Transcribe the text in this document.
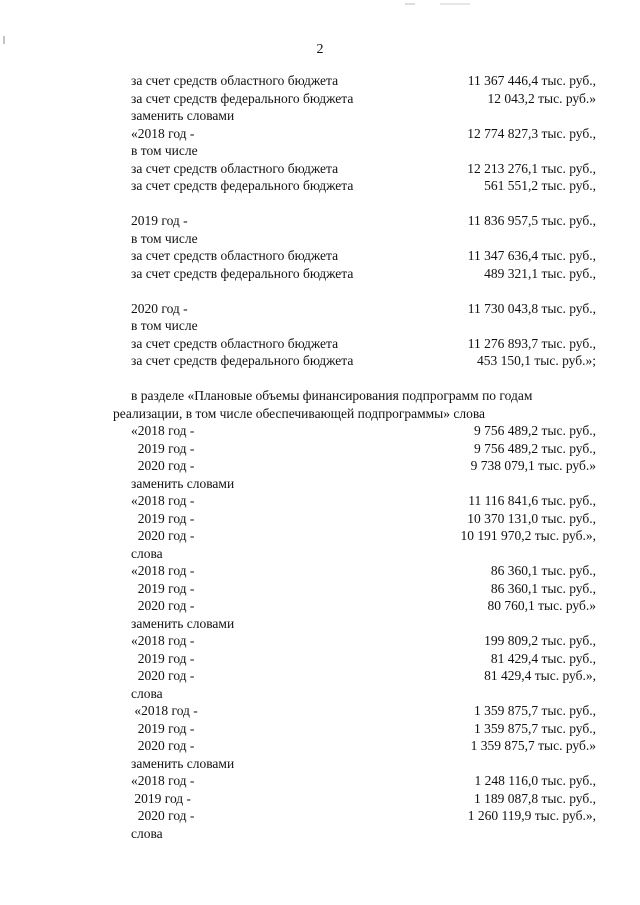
2
за счет средств областного бюджета	11 367 446,4 тыс. руб.,
за счет средств федерального бюджета	12 043,2 тыс. руб.»
заменить словами
«2018 год -	12 774 827,3 тыс. руб.,
в том числе
за счет средств областного бюджета	12 213 276,1 тыс. руб.,
за счет средств федерального бюджета	561 551,2 тыс. руб.,
2019 год -	11 836 957,5 тыс. руб.,
в том числе
за счет средств областного бюджета	11 347 636,4 тыс. руб.,
за счет средств федерального бюджета	489 321,1 тыс. руб.,
2020 год -	11 730 043,8 тыс. руб.,
в том числе
за счет средств областного бюджета	11 276 893,7 тыс. руб.,
за счет средств федерального бюджета	453 150,1 тыс. руб.»;
в разделе «Плановые объемы финансирования подпрограмм по годам
реализации, в том числе обеспечивающей подпрограммы» слова
«2018 год -	9 756 489,2 тыс. руб.,
2019 год -	9 756 489,2 тыс. руб.,
2020 год -	9 738 079,1 тыс. руб.»
заменить словами
«2018 год -	11 116 841,6 тыс. руб.,
2019 год -	10 370 131,0 тыс. руб.,
2020 год -	10 191 970,2 тыс. руб.»,
слова
«2018 год -	86 360,1 тыс. руб.,
2019 год -	86 360,1 тыс. руб.,
2020 год -	80 760,1 тыс. руб.»
заменить словами
«2018 год -	199 809,2 тыс. руб.,
2019 год -	81 429,4 тыс. руб.,
2020 год -	81 429,4 тыс. руб.»,
слова
«2018 год -	1 359 875,7 тыс. руб.,
2019 год -	1 359 875,7 тыс. руб.,
2020 год -	1 359 875,7 тыс. руб.»
заменить словами
«2018 год -	1 248 116,0 тыс. руб.,
2019 год -	1 189 087,8 тыс. руб.,
2020 год -	1 260 119,9 тыс. руб.»,
слова
